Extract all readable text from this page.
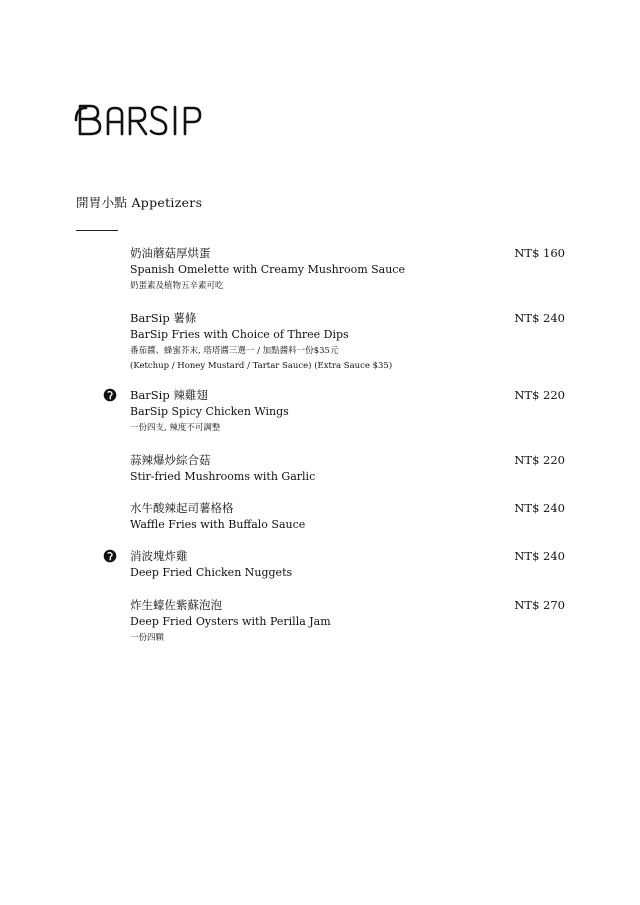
開胃小點 Appetizers
奶油蘑菇厚烘蛋
Spanish Omelette with Creamy Mushroom Sauce
奶蛋素及植物五辛素可吃
NT$ 160
BarSip 薯條
BarSip Fries with Choice of Three Dips
番茄醬、蜂蜜芥末, 塔塔醬三選一 / 加點醬料一份$35元
(Ketchup / Honey Mustard / Tartar Sauce) (Extra Sauce $35)
NT$ 240
BarSip 辣雞翅
BarSip Spicy Chicken Wings
一份四支, 辣度不可調整
NT$ 220
蒜辣爆炒綜合菇
Stir-fried Mushrooms with Garlic
NT$ 220
水牛酸辣起司薯格格
Waffle Fries with Buffalo Sauce
NT$ 240
消波塊炸雞
Deep Fried Chicken Nuggets
NT$ 240
炸生蠔佐紫蘇泡泡
Deep Fried Oysters with Perilla Jam
一份四顆
NT$ 270
